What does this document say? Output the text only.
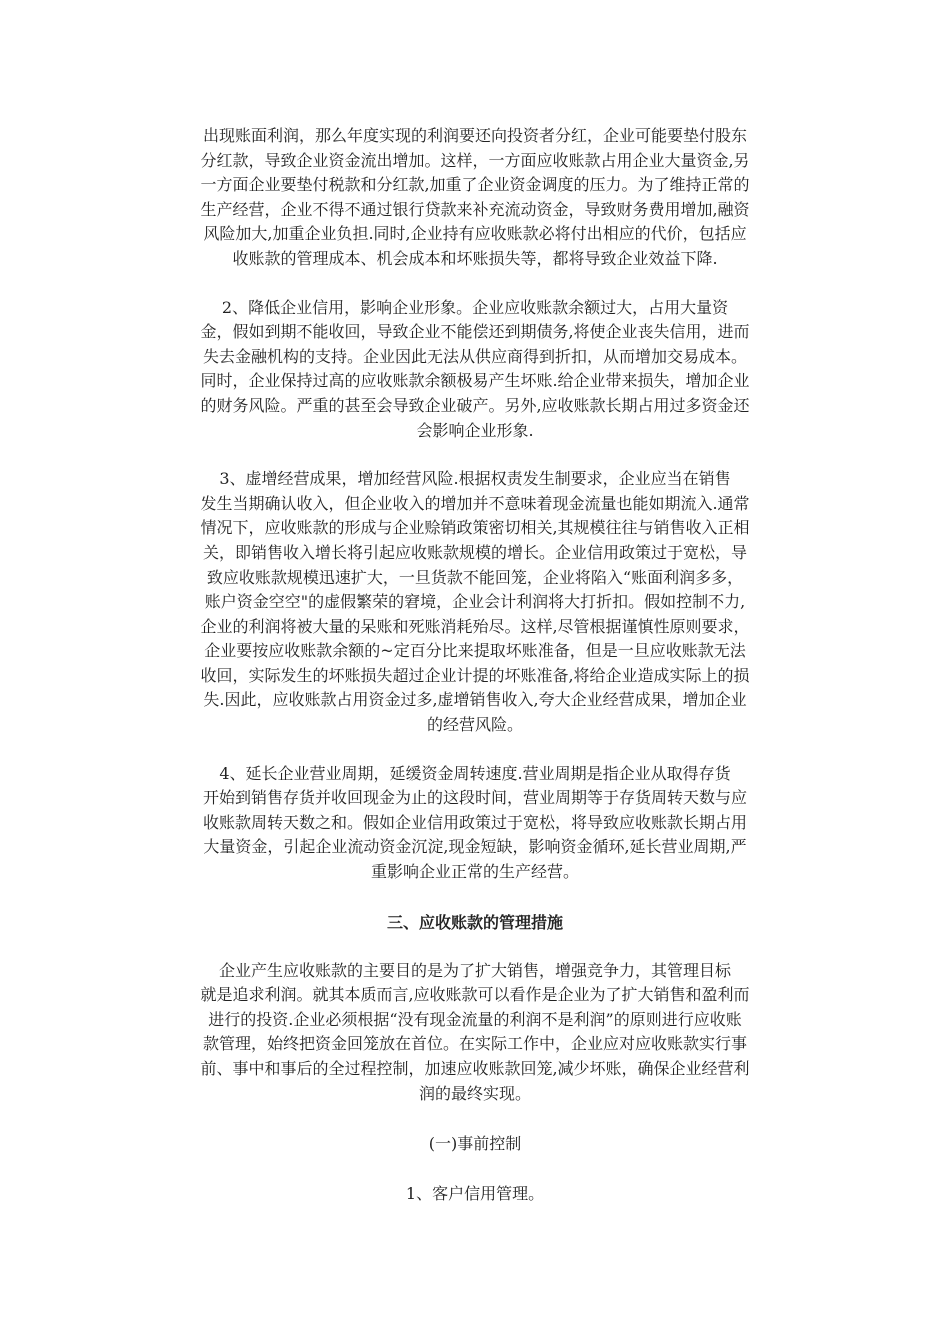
出现账面利润，那么年度实现的利润要还向投资者分红，企业可能要垫付股东
分红款，导致企业资金流出增加。这样，一方面应收账款占用企业大量资金,另
一方面企业要垫付税款和分红款,加重了企业资金调度的压力。为了维持正常的
生产经营，企业不得不通过银行贷款来补充流动资金，导致财务费用增加,融资
风险加大,加重企业负担.同时,企业持有应收账款必将付出相应的代价，包括应
收账款的管理成本、机会成本和坏账损失等，都将导致企业效益下降.

2、降低企业信用，影响企业形象。企业应收账款余额过大，占用大量资
金，假如到期不能收回，导致企业不能偿还到期债务,将使企业丧失信用，进而
失去金融机构的支持。企业因此无法从供应商得到折扣，从而增加交易成本。
同时，企业保持过高的应收账款余额极易产生坏账.给企业带来损失，增加企业
的财务风险。严重的甚至会导致企业破产。另外,应收账款长期占用过多资金还
会影响企业形象.

3、虚增经营成果，增加经营风险.根据权责发生制要求，企业应当在销售
发生当期确认收入，但企业收入的增加并不意味着现金流量也能如期流入.通常
情况下，应收账款的形成与企业赊销政策密切相关,其规模往往与销售收入正相
关，即销售收入增长将引起应收账款规模的增长。企业信用政策过于宽松，导
致应收账款规模迅速扩大，一旦货款不能回笼，企业将陷入“账面利润多多，
账户资金空空"的虚假繁荣的窘境，企业会计利润将大打折扣。假如控制不力,
企业的利润将被大量的呆账和死账消耗殆尽。这样,尽管根据谨慎性原则要求，
企业要按应收账款余额的~定百分比来提取坏账准备，但是一旦应收账款无法
收回，实际发生的坏账损失超过企业计提的坏账准备,将给企业造成实际上的损
失.因此，应收账款占用资金过多,虚增销售收入,夸大企业经营成果，增加企业
的经营风险。

4、延长企业营业周期，延缓资金周转速度.营业周期是指企业从取得存货
开始到销售存货并收回现金为止的这段时间，营业周期等于存货周转天数与应
收账款周转天数之和。假如企业信用政策过于宽松，将导致应收账款长期占用
大量资金，引起企业流动资金沉淀,现金短缺，影响资金循环,延长营业周期,严
重影响企业正常的生产经营。

三、应收账款的管理措施

企业产生应收账款的主要目的是为了扩大销售，增强竞争力，其管理目标
就是追求利润。就其本质而言,应收账款可以看作是企业为了扩大销售和盈利而
进行的投资.企业必须根据“没有现金流量的利润不是利润”的原则进行应收账
款管理，始终把资金回笼放在首位。在实际工作中，企业应对应收账款实行事
前、事中和事后的全过程控制，加速应收账款回笼,减少坏账，确保企业经营利
润的最终实现。

(一)事前控制
1、客户信用管理。
